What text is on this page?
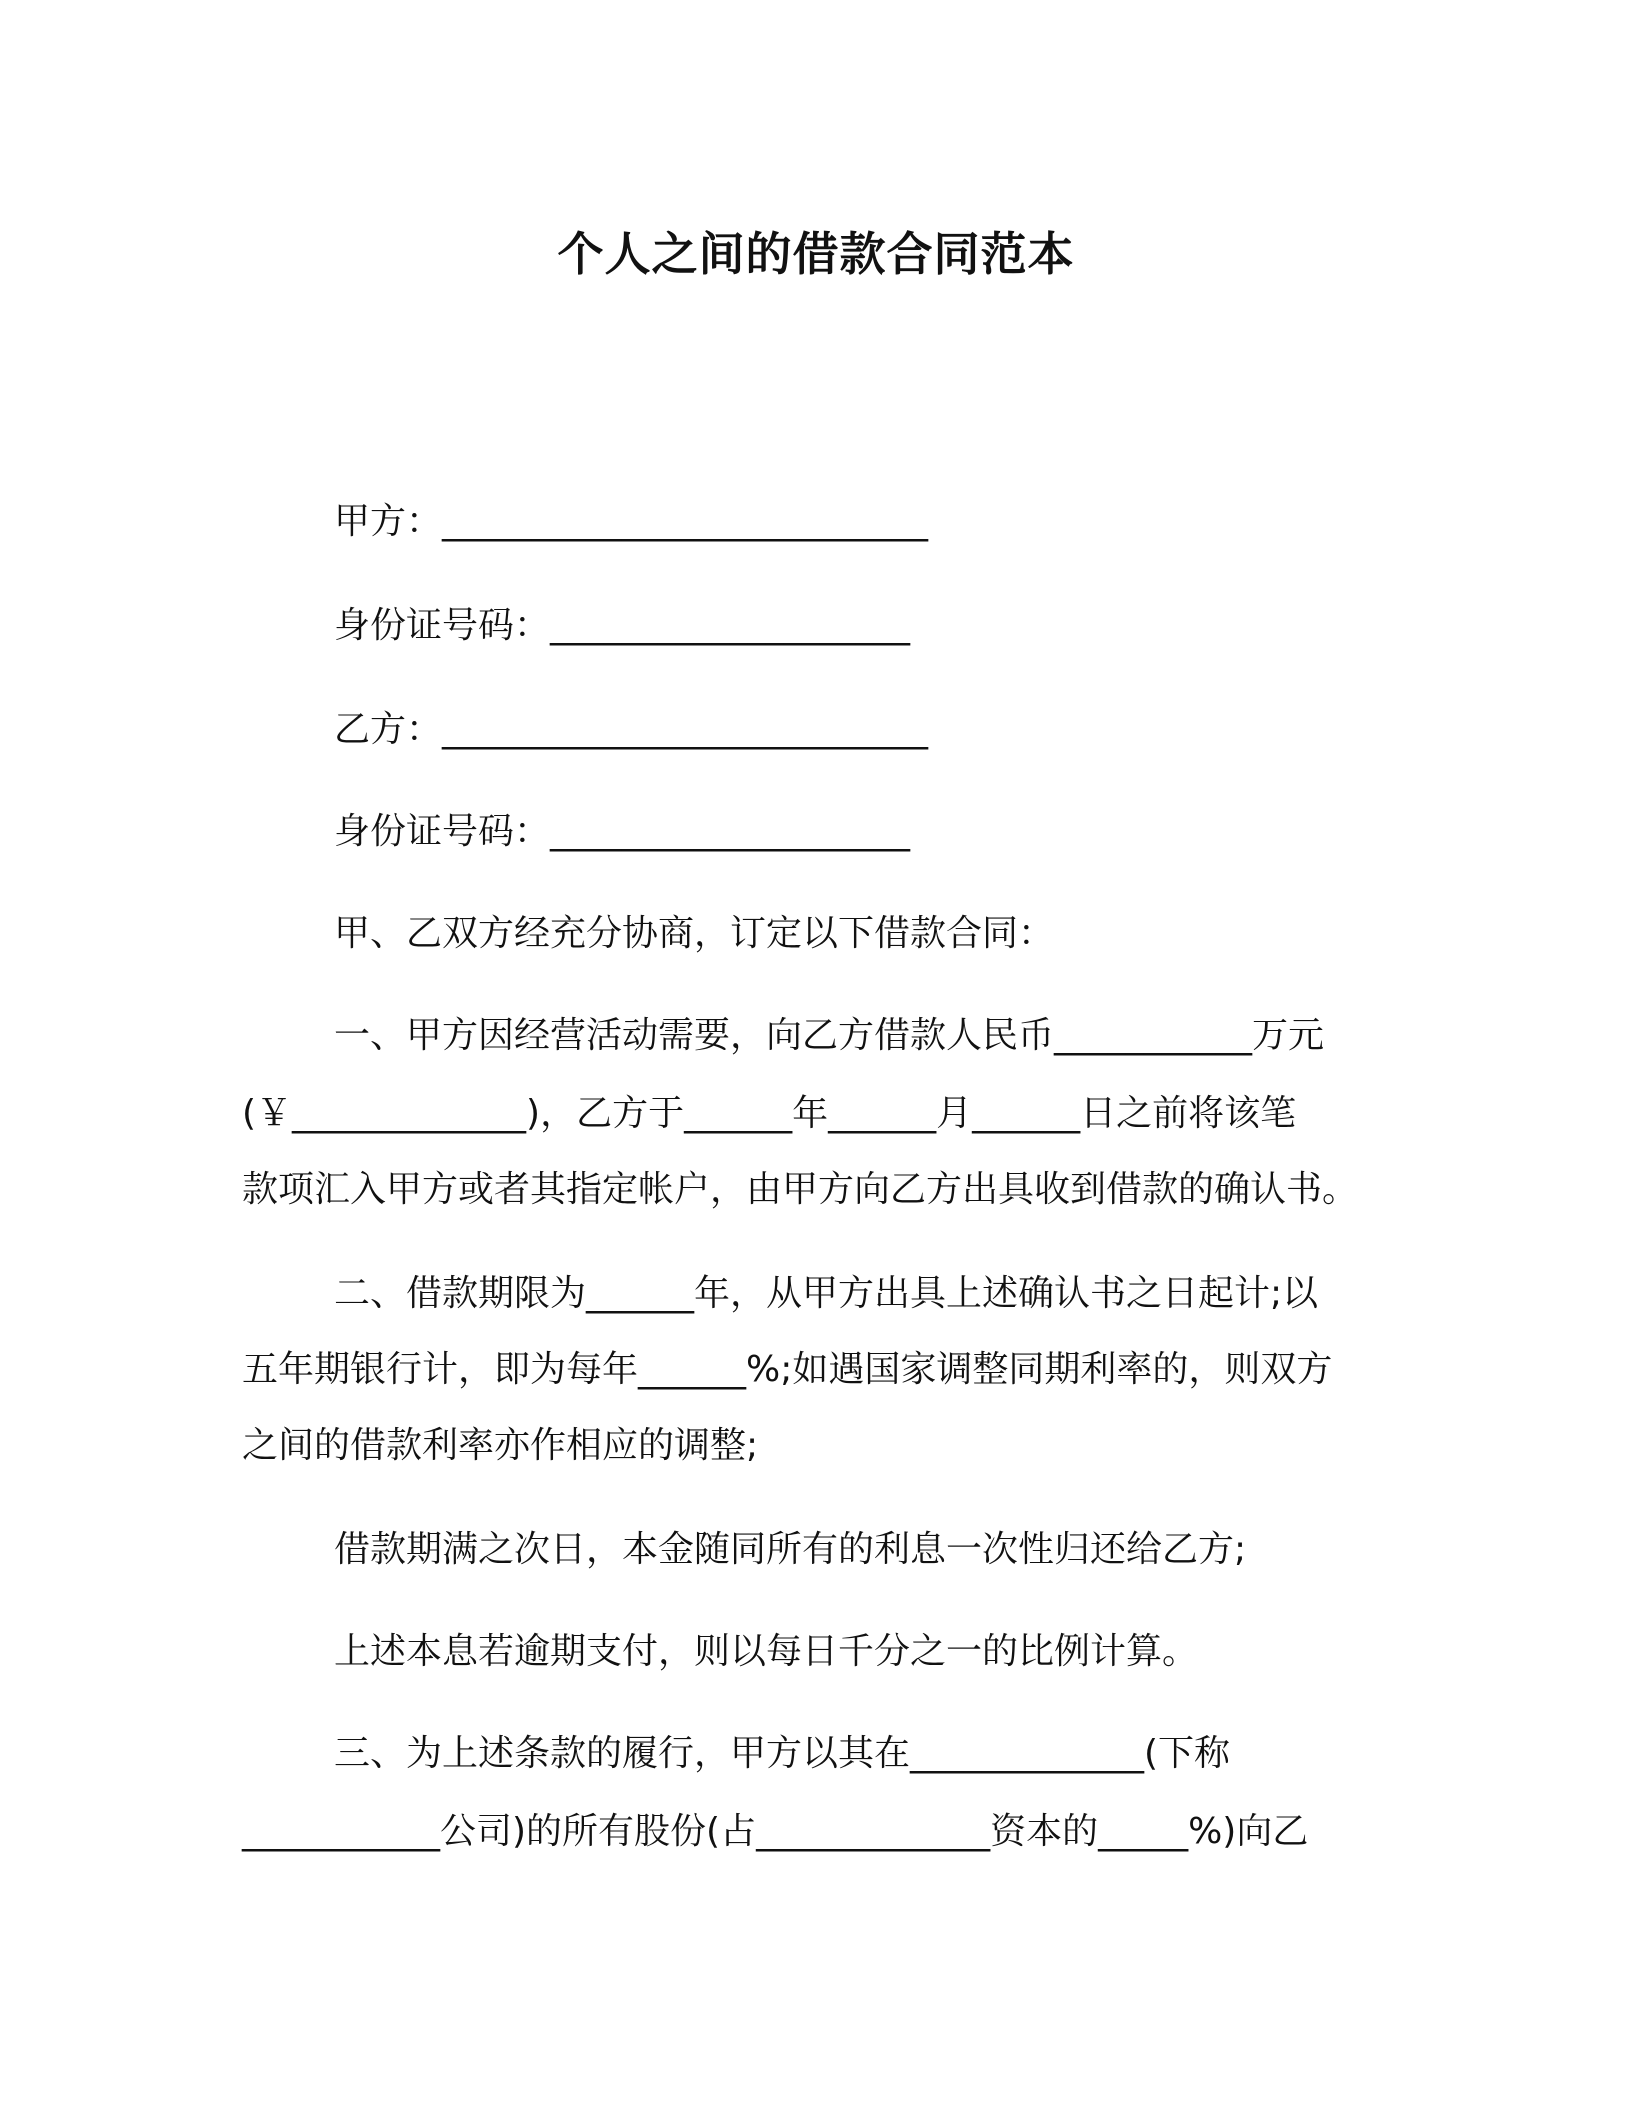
个人之间的借款合同范本
甲方：___________________________
身份证号码：____________________
乙方：___________________________
身份证号码：____________________
甲、乙双方经充分协商，订定以下借款合同：
一、甲方因经营活动需要，向乙方借款人民币___________万元
(￥_____________)，乙方于______年______月______日之前将该笔
款项汇入甲方或者其指定帐户，由甲方向乙方出具收到借款的确认书。
二、借款期限为______年，从甲方出具上述确认书之日起计;以
五年期银行计，即为每年______%;如遇国家调整同期利率的，则双方
之间的借款利率亦作相应的调整;
借款期满之次日，本金随同所有的利息一次性归还给乙方;
上述本息若逾期支付，则以每日千分之一的比例计算。
三、为上述条款的履行，甲方以其在_____________(下称
___________公司)的所有股份(占_____________资本的_____%)向乙
